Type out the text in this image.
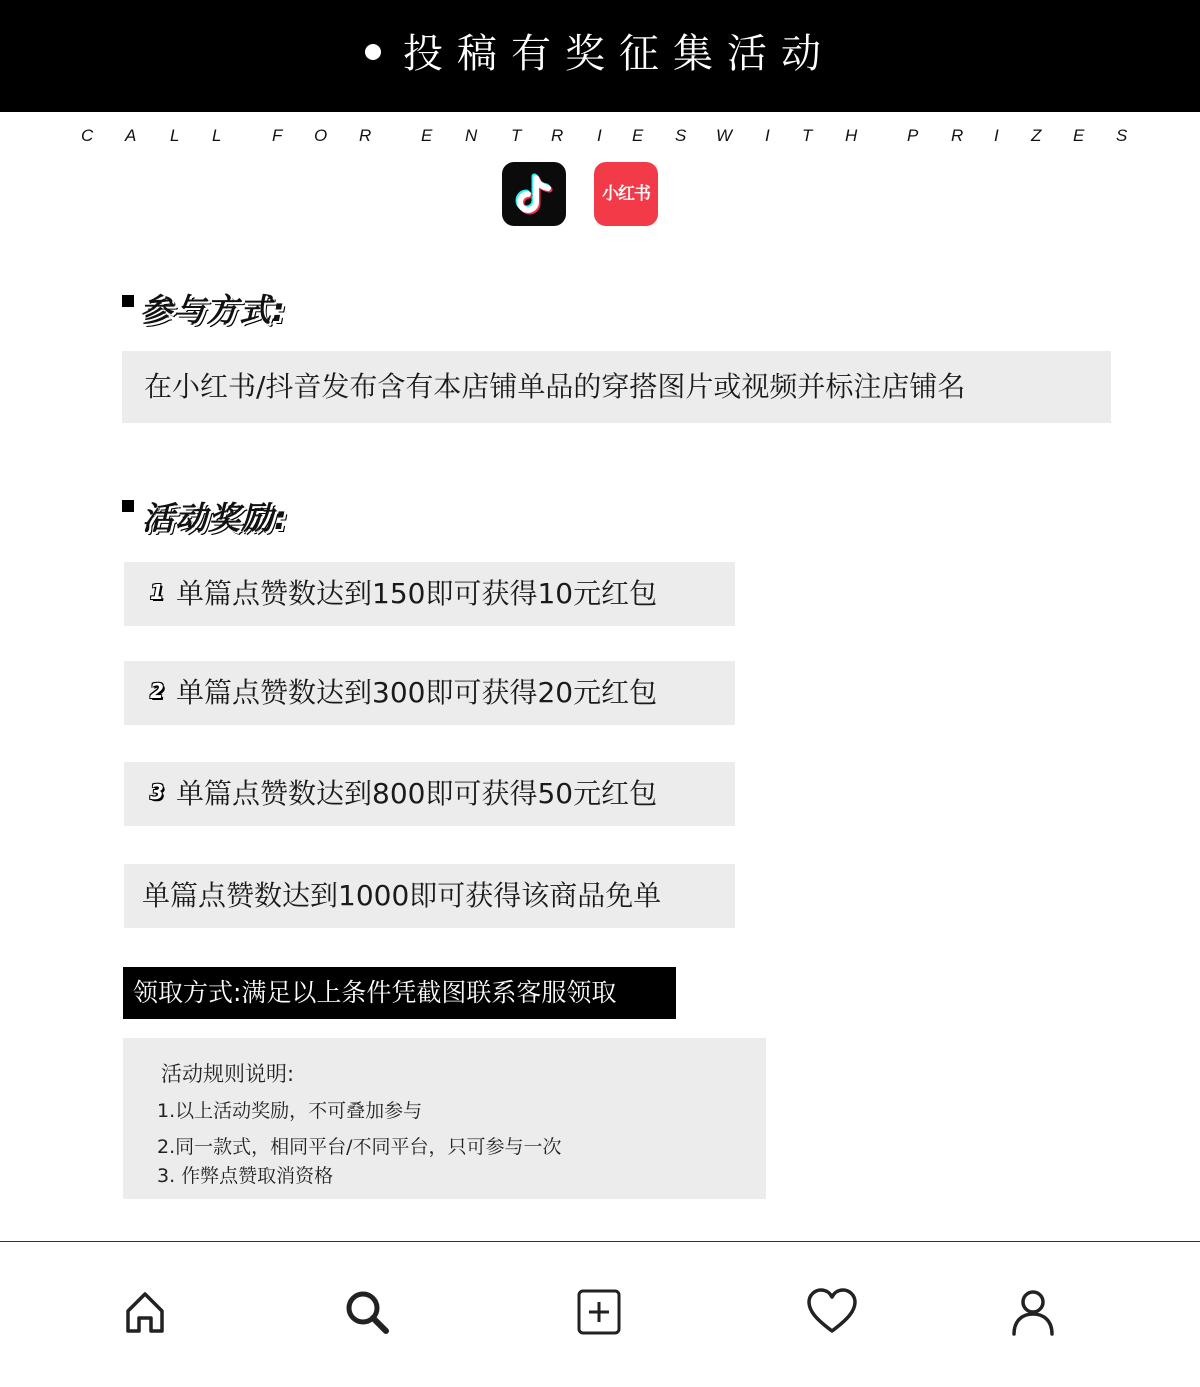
投稿有奖征集活动
C A L L	F O R	E N T R I E S W I T H	P R I Z E S
小红书
参与方式:
在小红书/抖音发布含有本店铺单品的穿搭图片或视频并标注店铺名
活动奖励:
1 单篇点赞数达到150即可获得10元红包
2 单篇点赞数达到300即可获得20元红包
3 单篇点赞数达到800即可获得50元红包
单篇点赞数达到1000即可获得该商品免单
领取方式:满足以上条件凭截图联系客服领取
活动规则说明:
1.以上活动奖励，不可叠加参与
2.同一款式，相同平台/不同平台，只可参与一次
3. 作弊点赞取消资格
